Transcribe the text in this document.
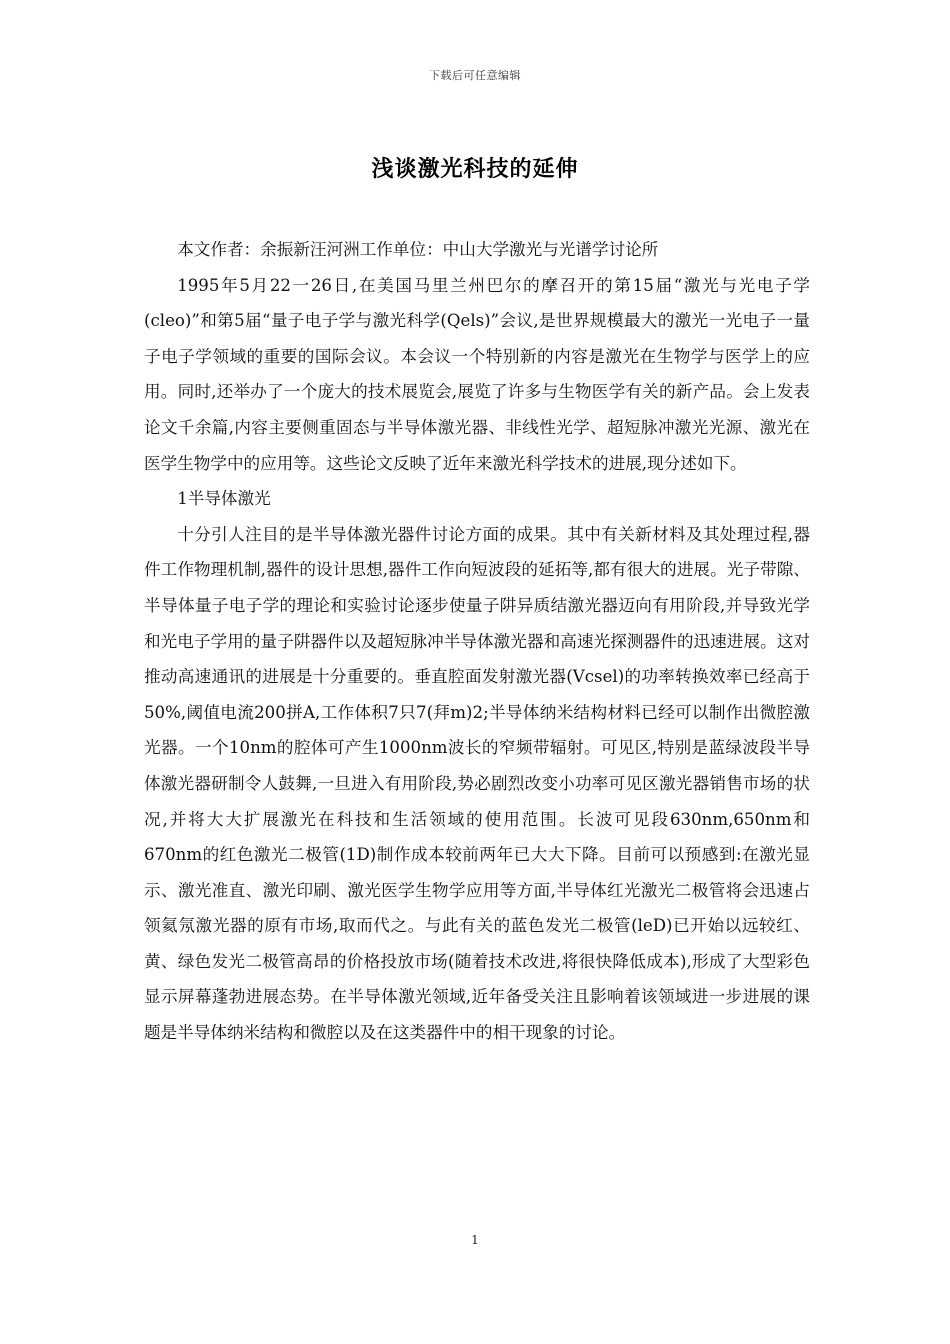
下载后可任意编辑
浅谈激光科技的延伸

本文作者：余振新汪河洲工作单位：中山大学激光与光谱学讨论所

1995年5月22一26日,在美国马里兰州巴尔的摩召开的第15届“激光与光电子学(cleo)”和第5届“量子电子学与激光科学(Qels)”会议,是世界规模最大的激光一光电子一量子电子学领域的重要的国际会议。本会议一个特别新的内容是激光在生物学与医学上的应用。同时,还举办了一个庞大的技术展览会,展览了许多与生物医学有关的新产品。会上发表论文千余篇,内容主要侧重固态与半导体激光器、非线性光学、超短脉冲激光光源、激光在医学生物学中的应用等。这些论文反映了近年来激光科学技术的进展,现分述如下。

1半导体激光

十分引人注目的是半导体激光器件讨论方面的成果。其中有关新材料及其处理过程,器件工作物理机制,器件的设计思想,器件工作向短波段的延拓等,都有很大的进展。光子带隙、半导体量子电子学的理论和实验讨论逐步使量子阱异质结激光器迈向有用阶段,并导致光学和光电子学用的量子阱器件以及超短脉冲半导体激光器和高速光探测器件的迅速进展。这对推动高速通讯的进展是十分重要的。垂直腔面发射激光器(Vcsel)的功率转换效率已经高于50%,阈值电流200拼A,工作体积7只7(拜m)2;半导体纳米结构材料已经可以制作出微腔激光器。一个10nm的腔体可产生1000nm波长的窄频带辐射。可见区,特别是蓝绿波段半导体激光器研制令人鼓舞,一旦进入有用阶段,势必剧烈改变小功率可见区激光器销售市场的状况,并将大大扩展激光在科技和生活领域的使用范围。长波可见段630nm,650nm和670nm的红色激光二极管(1D)制作成本较前两年已大大下降。目前可以预感到:在激光显示、激光准直、激光印刷、激光医学生物学应用等方面,半导体红光激光二极管将会迅速占领氦氖激光器的原有市场,取而代之。与此有关的蓝色发光二极管(leD)已开始以远较红、黄、绿色发光二极管高昂的价格投放市场(随着技术改进,将很快降低成本),形成了大型彩色显示屏幕蓬勃进展态势。在半导体激光领域,近年备受关注且影响着该领域进一步进展的课题是半导体纳米结构和微腔以及在这类器件中的相干现象的讨论。

1
